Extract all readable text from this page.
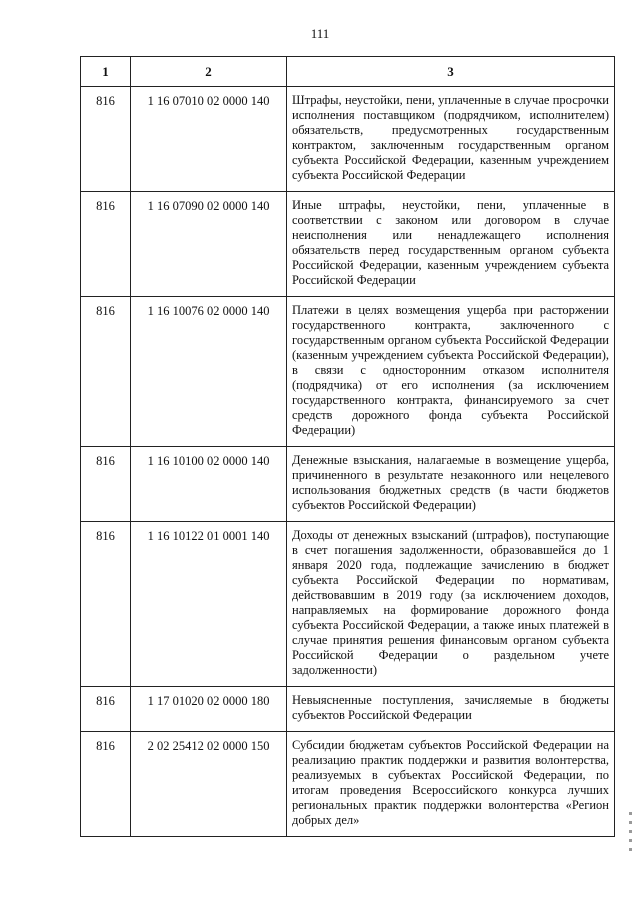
111
1	2	3
816	1 16 07010 02 0000 140	Штрафы, неустойки, пени, уплаченные в случае просрочки исполнения поставщиком (подрядчиком, исполнителем) обязательств, предусмотренных государственным контрактом, заключенным государственным органом субъекта Российской Федерации, казенным учреждением субъекта Российской Федерации
816	1 16 07090 02 0000 140	Иные штрафы, неустойки, пени, уплаченные в соответствии с законом или договором в случае неисполнения или ненадлежащего исполнения обязательств перед государственным органом субъекта Российской Федерации, казенным учреждением субъекта Российской Федерации
816	1 16 10076 02 0000 140	Платежи в целях возмещения ущерба при расторжении государственного контракта, заключенного с государственным органом субъекта Российской Федерации (казенным учреждением субъекта Российской Федерации), в связи с односторонним отказом исполнителя (подрядчика) от его исполнения (за исключением государственного контракта, финансируемого за счет средств дорожного фонда субъекта Российской Федерации)
816	1 16 10100 02 0000 140	Денежные взыскания, налагаемые в возмещение ущерба, причиненного в результате незаконного или нецелевого использования бюджетных средств (в части бюджетов субъектов Российской Федерации)
816	1 16 10122 01 0001 140	Доходы от денежных взысканий (штрафов), поступающие в счет погашения задолженности, образовавшейся до 1 января 2020 года, подлежащие зачислению в бюджет субъекта Российской Федерации по нормативам, действовавшим в 2019 году (за исключением доходов, направляемых на формирование дорожного фонда субъекта Российской Федерации, а также иных платежей в случае принятия решения финансовым органом субъекта Российской Федерации о раздельном учете задолженности)
816	1 17 01020 02 0000 180	Невыясненные поступления, зачисляемые в бюджеты субъектов Российской Федерации
816	2 02 25412 02 0000 150	Субсидии бюджетам субъектов Российской Федерации на реализацию практик поддержки и развития волонтерства, реализуемых в субъектах Российской Федерации, по итогам проведения Всероссийского конкурса лучших региональных практик поддержки волонтерства «Регион добрых дел»
